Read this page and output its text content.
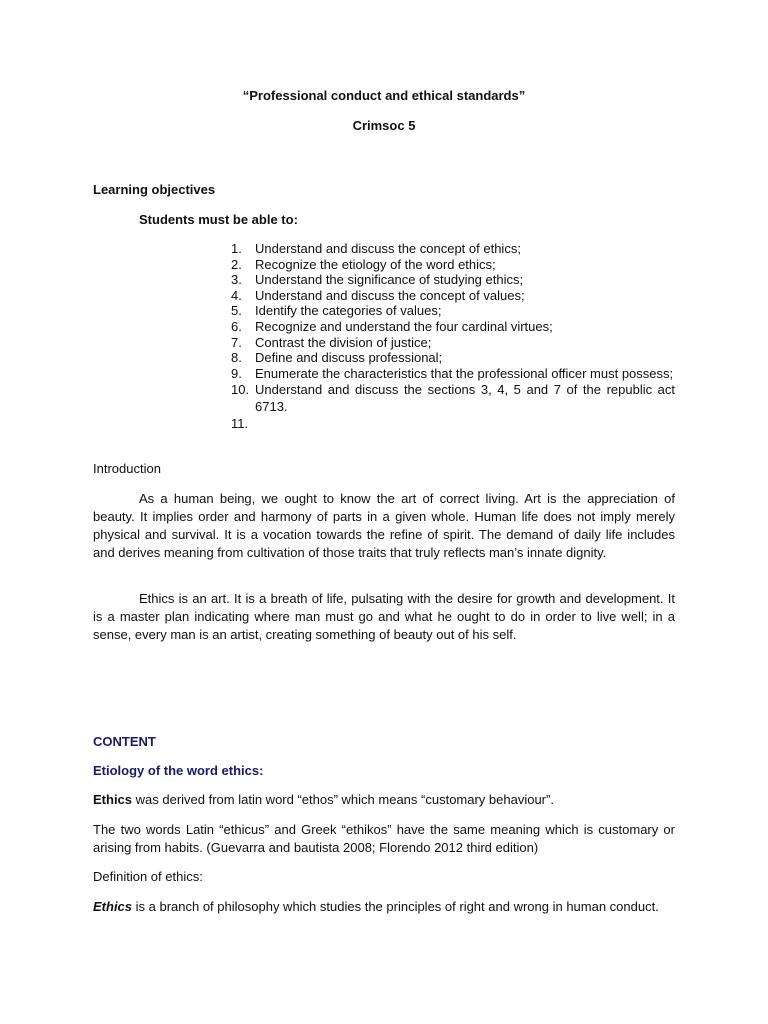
“Professional conduct and ethical standards”
Crimsoc 5
Learning objectives
Students must be able to:
1.	Understand and discuss the concept of ethics;
2.	Recognize the etiology of the word ethics;
3.	Understand the significance of studying ethics;
4.	Understand and discuss the concept of values;
5.	Identify the categories of values;
6.	Recognize and understand the four cardinal virtues;
7.	Contrast the division of justice;
8.	Define and discuss professional;
9.	Enumerate the characteristics that the professional officer must possess;
10. Understand and discuss the sections 3, 4, 5 and 7 of the republic act 6713.
11.
Introduction

As a human being, we ought to know the art of correct living. Art is the appreciation of beauty. It implies order and harmony of parts in a given whole. Human life does not imply merely physical and survival. It is a vocation towards the refine of spirit. The demand of daily life includes and derives meaning from cultivation of those traits that truly reflects man’s innate dignity.

Ethics is an art. It is a breath of life, pulsating with the desire for growth and development. It is a master plan indicating where man must go and what he ought to do in order to live well; in a sense, every man is an artist, creating something of beauty out of his self.

CONTENT
Etiology of the word ethics:

Ethics was derived from latin word “ethos” which means “customary behaviour”.

The two words Latin “ethicus” and Greek “ethikos” have the same meaning which is customary or arising from habits. (Guevarra and bautista 2008; Florendo 2012 third edition)

Definition of ethics:

Ethics is a branch of philosophy which studies the principles of right and wrong in human conduct.
